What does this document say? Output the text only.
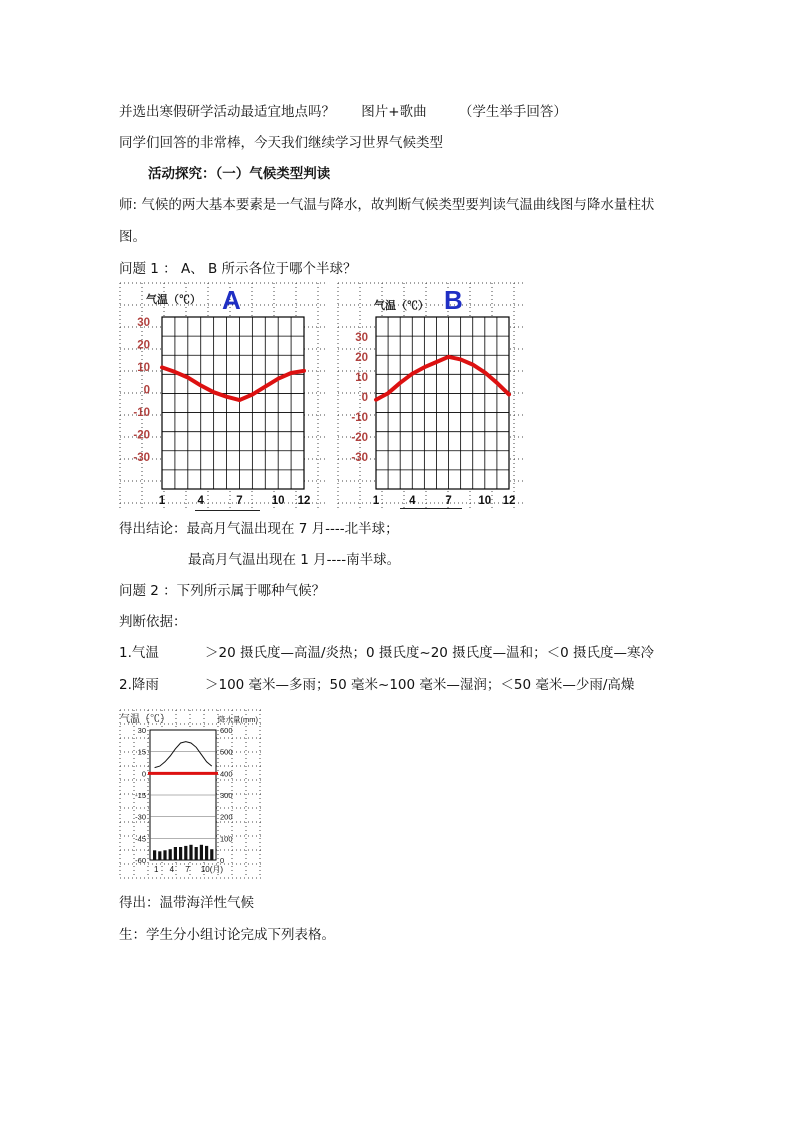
并选出寒假研学活动最适宜地点吗？ 图片+歌曲 （学生举手回答）
同学们回答的非常棒，今天我们继续学习世界气候类型
活动探究：（一）气候类型判读
师: 气候的两大基本要素是一气温与降水，故判断气候类型要判读气温曲线图与降水量柱状
图。
问题 1 ： A、 B 所示各位于哪个半球？
气温（℃） A
30
20
10
0
-10
-20
-30
1	4	7	10 12
气温（℃） B
30
20
10
0
-10
-20
-30
1	4	7 10 12
得出结论：最高月气温出现在 7 月----北半球；
最高月气温出现在 1 月----南半球。
问题 2 ：下列所示属于哪种气候？
判断依据：
1.气温	＞20 摄氏度—高温/炎热；0 摄氏度~20 摄氏度—温和；＜0 摄氏度—寒冷
2.降雨	＞100 毫米—多雨；50 毫米~100 毫米—湿润；＜50 毫米—少雨/高燥
气温（℃）	降水量(mm)
30
15
0
-15
-30
-45
-60
600
500
400
300
200
100
0
1 4 7 10(月)
得出：温带海洋性气候
生：学生分小组讨论完成下列表格。
